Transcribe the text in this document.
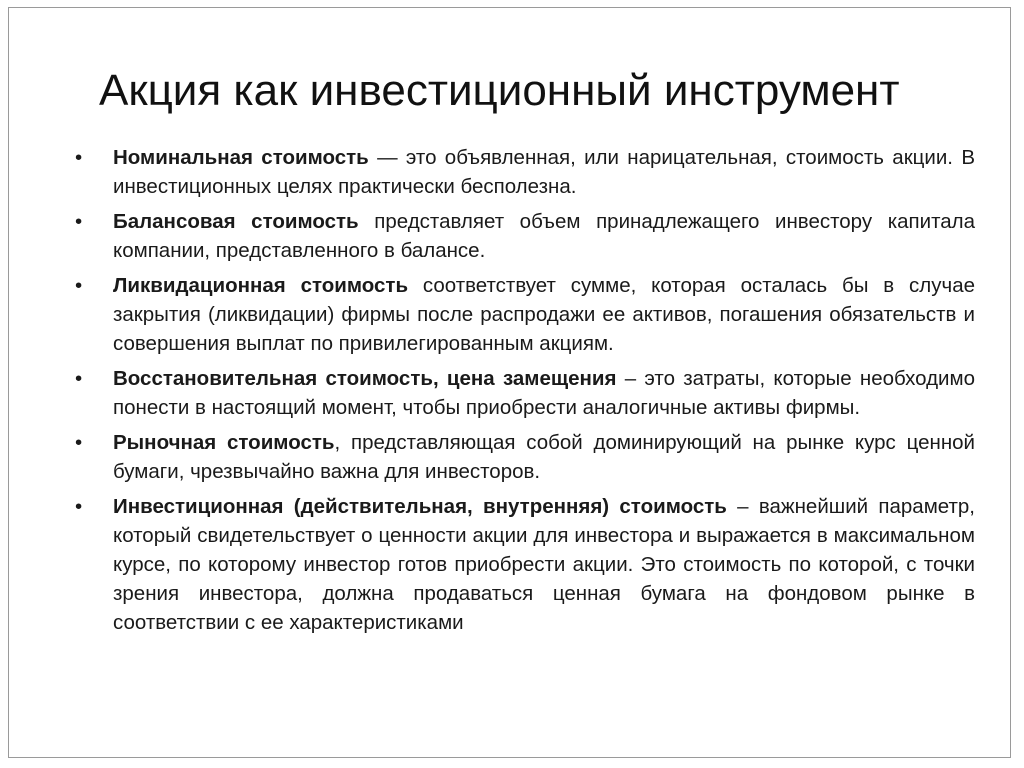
Акция как инвестиционный инструмент
• Номинальная стоимость — это объявленная, или нарицательная, стоимость акции. В инвестиционных целях практически бесполезна.
• Балансовая стоимость представляет объем принадлежащего инвестору капитала компании, представленного в балансе.
• Ликвидационная стоимость соответствует сумме, которая осталась бы в случае закрытия (ликвидации) фирмы после распродажи ее активов, погашения обязательств и совершения выплат по привилегированным акциям.
• Восстановительная стоимость, цена замещения – это затраты, которые необходимо понести в настоящий момент, чтобы приобрести аналогичные активы фирмы.
• Рыночная стоимость, представляющая собой доминирующий на рынке курс ценной бумаги, чрезвычайно важна для инвесторов.
• Инвестиционная (действительная, внутренняя) стоимость – важнейший параметр, который свидетельствует о ценности акции для инвестора и выражается в максимальном курсе, по которому инвестор готов приобрести акции. Это стоимость по которой, с точки зрения инвестора, должна продаваться ценная бумага на фондовом рынке в соответствии с ее характеристиками
